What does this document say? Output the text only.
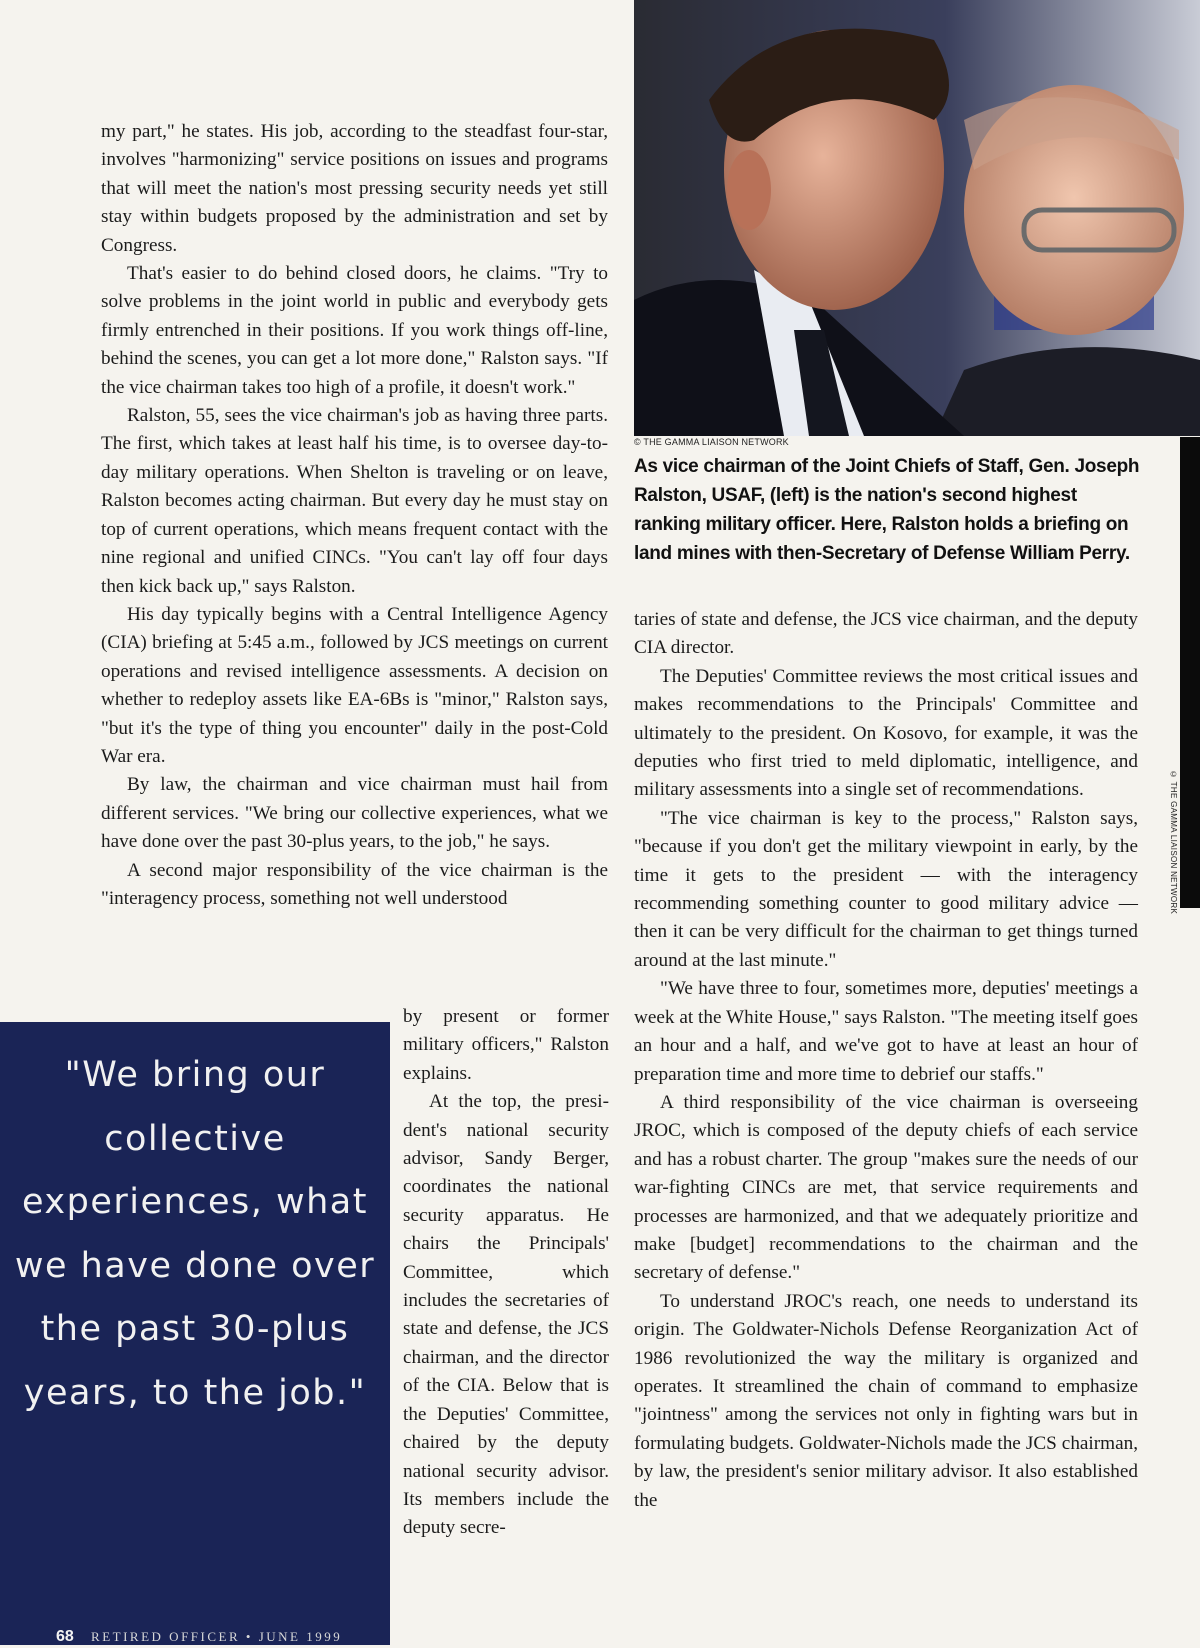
© THE GAMMA LIAISON NETWORK
As vice chairman of the Joint Chiefs of Staff, Gen. Joseph Ralston, USAF, (left) is the nation's second highest ranking military officer. Here, Ralston holds a briefing on land mines with then-Secretary of Defense William Perry.
© THE GAMMA LIAISON NETWORK

my part," he states. His job, according to the steadfast four-star, involves "harmonizing" service positions on issues and programs that will meet the nation's most pressing security needs yet still stay within budgets proposed by the administration and set by Congress.

That's easier to do behind closed doors, he claims. "Try to solve problems in the joint world in public and everybody gets firmly entrenched in their positions. If you work things off-line, behind the scenes, you can get a lot more done," Ralston says. "If the vice chairman takes too high of a profile, it doesn't work."

Ralston, 55, sees the vice chairman's job as having three parts. The first, which takes at least half his time, is to oversee day-to-day military operations. When Shelton is traveling or on leave, Ralston becomes acting chairman. But every day he must stay on top of current operations, which means frequent contact with the nine regional and unified CINCs. "You can't lay off four days then kick back up," says Ralston.

His day typically begins with a Central Intelligence Agency (CIA) briefing at 5:45 a.m., followed by JCS meetings on current operations and revised intelligence assessments. A decision on whether to redeploy assets like EA-6Bs is "minor," Ralston says, "but it's the type of thing you encounter" daily in the post-Cold War era.

By law, the chairman and vice chairman must hail from different services. "We bring our collective experiences, what we have done over the past 30-plus years, to the job," he says.

A second major responsibility of the vice chairman is the "interagency process, something not well understood

"We bring our collective experiences, what we have done over the past 30-plus years, to the job."

by present or former military officers," Ralston explains.

At the top, the president's national security advisor, Sandy Berger, coordinates the national security apparatus. He chairs the Principals' Committee, which includes the secretaries of state and defense, the JCS chairman, and the director of the CIA. Below that is the Deputies' Committee, chaired by the deputy national security advisor. Its members include the deputy secre-

taries of state and defense, the JCS vice chairman, and the deputy CIA director.

The Deputies' Committee reviews the most critical issues and makes recommendations to the Principals' Committee and ultimately to the president. On Kosovo, for example, it was the deputies who first tried to meld diplomatic, intelligence, and military assessments into a single set of recommendations.

"The vice chairman is key to the process," Ralston says, "because if you don't get the military viewpoint in early, by the time it gets to the president — with the interagency recommending something counter to good military advice — then it can be very difficult for the chairman to get things turned around at the last minute."

"We have three to four, sometimes more, deputies' meetings a week at the White House," says Ralston. "The meeting itself goes an hour and a half, and we've got to have at least an hour of preparation time and more time to debrief our staffs."

A third responsibility of the vice chairman is overseeing JROC, which is composed of the deputy chiefs of each service and has a robust charter. The group "makes sure the needs of our war-fighting CINCs are met, that service requirements and processes are harmonized, and that we adequately prioritize and make [budget] recommendations to the chairman and the secretary of defense."

To understand JROC's reach, one needs to understand its origin. The Goldwater-Nichols Defense Reorganization Act of 1986 revolutionized the way the military is organized and operates. It streamlined the chain of command to emphasize "jointness" among the services not only in fighting wars but in formulating budgets. Goldwater-Nichols made the JCS chairman, by law, the president's senior military advisor. It also established the

68 RETIRED OFFICER • JUNE 1999
